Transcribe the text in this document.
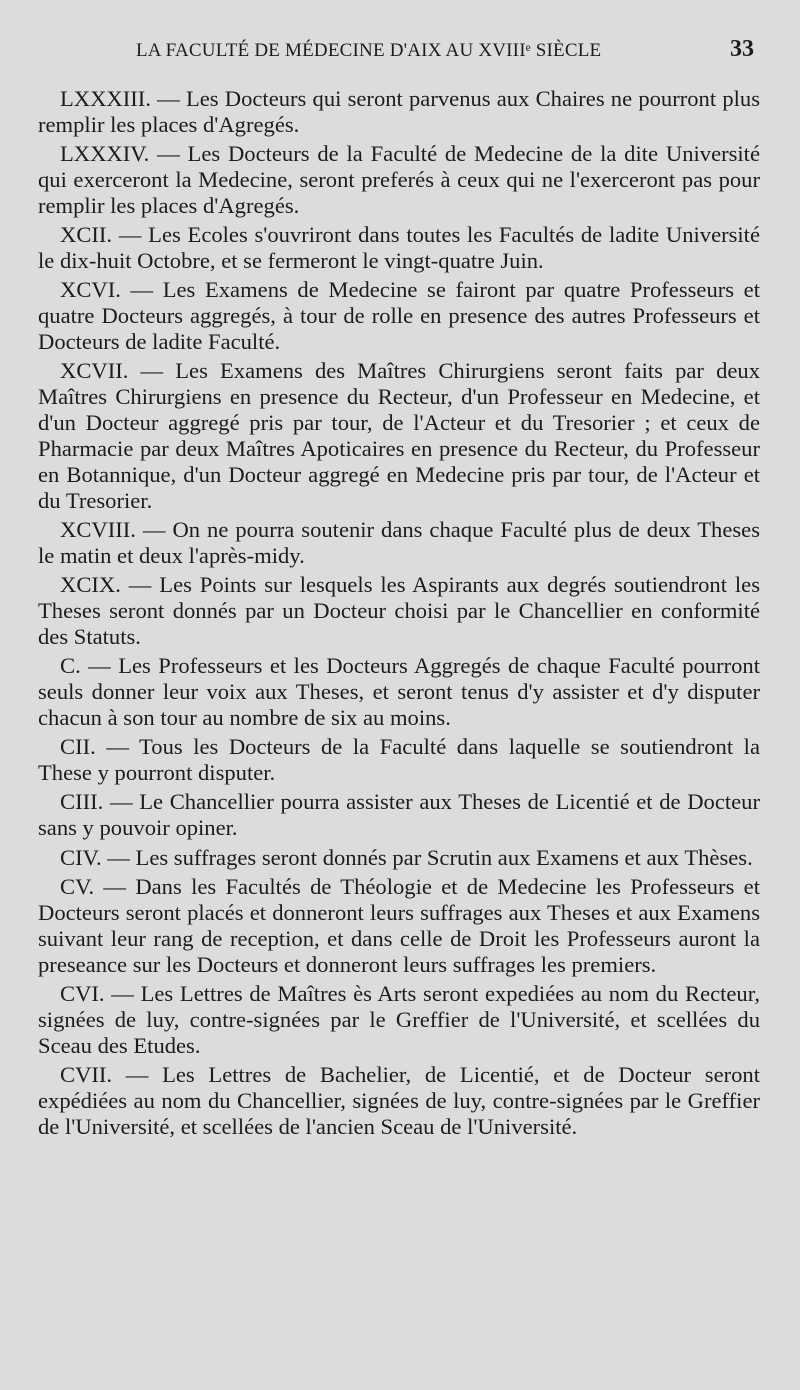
LA FACULTÉ DE MÉDECINE D'AIX AU XVIIIᵉ SIÈCLE	33

LXXXIII. — Les Docteurs qui seront parvenus aux Chaires ne pourront plus remplir les places d'Agregés.

LXXXIV. — Les Docteurs de la Faculté de Medecine de la dite Université qui exerceront la Medecine, seront preferés à ceux qui ne l'exerceront pas pour remplir les places d'Agregés.

XCII. — Les Ecoles s'ouvriront dans toutes les Facultés de ladite Université le dix-huit Octobre, et se fermeront le vingt-quatre Juin.

XCVI. — Les Examens de Medecine se fairont par quatre Professeurs et quatre Docteurs aggregés, à tour de rolle en presence des autres Professeurs et Docteurs de ladite Faculté.

XCVII. — Les Examens des Maîtres Chirurgiens seront faits par deux Maîtres Chirurgiens en presence du Recteur, d'un Professeur en Medecine, et d'un Docteur aggregé pris par tour, de l'Acteur et du Tresorier ; et ceux de Pharmacie par deux Maîtres Apoticaires en presence du Recteur, du Professeur en Botannique, d'un Docteur aggregé en Medecine pris par tour, de l'Acteur et du Tresorier.

XCVIII. — On ne pourra soutenir dans chaque Faculté plus de deux Theses le matin et deux l'après-midy.

XCIX. — Les Points sur lesquels les Aspirants aux degrés soutiendront les Theses seront donnés par un Docteur choisi par le Chancellier en conformité des Statuts.

C. — Les Professeurs et les Docteurs Aggregés de chaque Faculté pourront seuls donner leur voix aux Theses, et seront tenus d'y assister et d'y disputer chacun à son tour au nombre de six au moins.

CII. — Tous les Docteurs de la Faculté dans laquelle se soutiendront la These y pourront disputer.

CIII. — Le Chancellier pourra assister aux Theses de Licentié et de Docteur sans y pouvoir opiner.

CIV. — Les suffrages seront donnés par Scrutin aux Examens et aux Thèses.

CV. — Dans les Facultés de Théologie et de Medecine les Professeurs et Docteurs seront placés et donneront leurs suffrages aux Theses et aux Examens suivant leur rang de reception, et dans celle de Droit les Professeurs auront la preseance sur les Docteurs et donneront leurs suffrages les premiers.

CVI. — Les Lettres de Maîtres ès Arts seront expediées au nom du Recteur, signées de luy, contre-signées par le Greffier de l'Université, et scellées du Sceau des Etudes.

CVII. — Les Lettres de Bachelier, de Licentié, et de Docteur seront expédiées au nom du Chancellier, signées de luy, contre-signées par le Greffier de l'Université, et scellées de l'ancien Sceau de l'Université.
